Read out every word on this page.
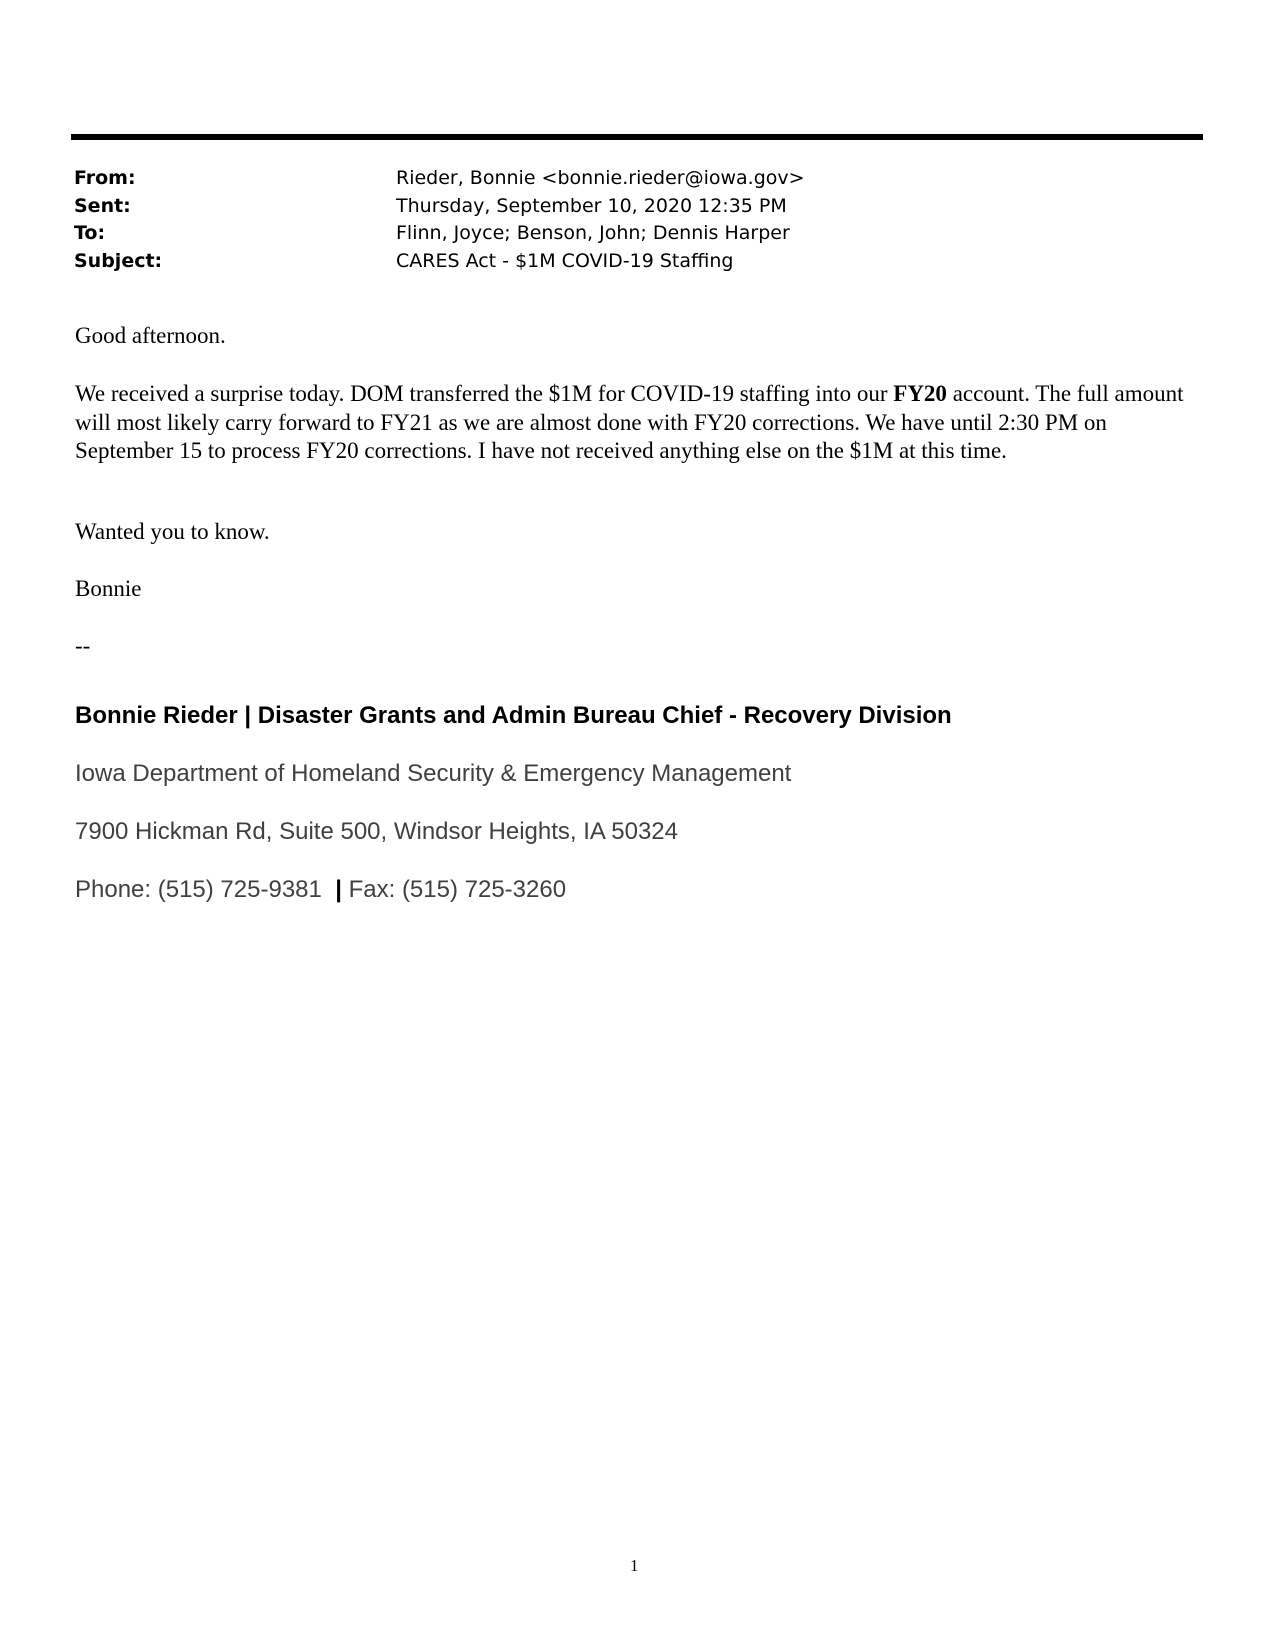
From:	Rieder, Bonnie <bonnie.rieder@iowa.gov>
Sent:	Thursday, September 10, 2020 12:35 PM
To:	Flinn, Joyce; Benson, John; Dennis Harper
Subject:	CARES Act - $1M COVID-19 Staffing

Good afternoon.

We received a surprise today. DOM transferred the $1M for COVID-19 staffing into our FY20 account. The full amount will most likely carry forward to FY21 as we are almost done with FY20 corrections. We have until 2:30 PM on September 15 to process FY20 corrections. I have not received anything else on the $1M at this time.

Wanted you to know.

Bonnie

--

Bonnie Rieder | Disaster Grants and Admin Bureau Chief - Recovery Division

Iowa Department of Homeland Security & Emergency Management

7900 Hickman Rd, Suite 500, Windsor Heights, IA 50324

Phone: (515) 725-9381 | Fax: (515) 725-3260

1
